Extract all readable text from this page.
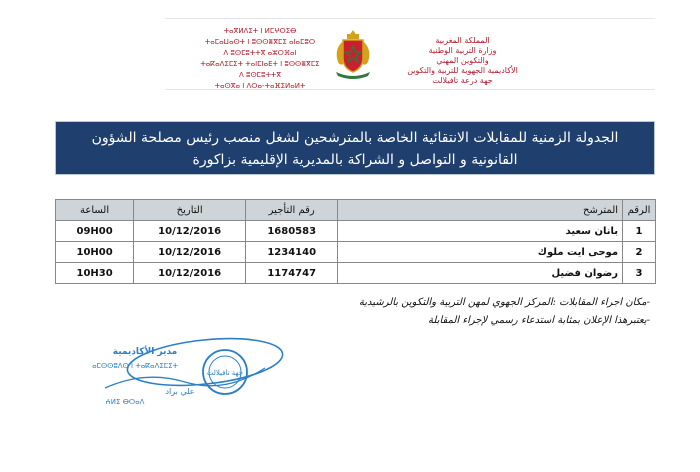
ⵜⴰⴳⵍⴷⵉⵜ ⵏ ⵍⵎⵖⵔⵉⴱ
ⵜⴰⵎⴰⵡⴰⵙⵜ ⵏ ⵓⵙⵙⴻⴳⵎⵉ ⴰⵏⴰⵎⵓⵔ
ⴷ ⵓⵙⵎⵓⵜⵜⴳ ⴰⵣⵔⴼⴰⵏ
ⵜⴰⴽⴰⴷⵉⵎⵉⵜ ⵜⴰⵏⵎⵏⴰⴹⵜ ⵏ ⵓⵙⵙⴻⴳⵎⵉ
ⴷ ⵓⵙⵎⵓⵜⵜⴳ
ⵜⴰⵙⴳⴰ ⵏ ⴷⵔⴰ-ⵜⴰⴼⵉⵍⴰⵍⵜ
المملكة المغربية
وزارة التربية الوطنية
والتكوين المهني
الأكاديمية الجهوية للتربية والتكوين
جهة درعة تافيلالت
الجدولة الزمنية للمقابلات الانتقائية الخاصة بالمترشحين لشغل منصب رئيس مصلحة الشؤون
القانونية و التواصل و الشراكة بالمديرية الإقليمية بزاكورة
الرقم	المترشح	رقم التأجير	التاريخ	الساعة
1	بانان سعيد	1680583	10/12/2016	09H00
2	موحى ايت ملوك	1234140	10/12/2016	10H00
3	رضوان فضيل	1174747	10/12/2016	10H30
-مكان اجراء المقابلات :المركز الجهوي لمهن التربية والتكوين بالرشيدية
-يعتبرهذا الإعلان بمثابة استدعاء رسمي لإجراء المقابلة
جهة تافيلالت
مدير الأكاديمية
ⴰⵎⵙⵙⵓⴷⵙ ⵏ ⵜⴰⴽⴰⴷⵉⵎⵉⵜ
علي براد
ⵄⵍⵉ ⴱⵔⴰⴷ
